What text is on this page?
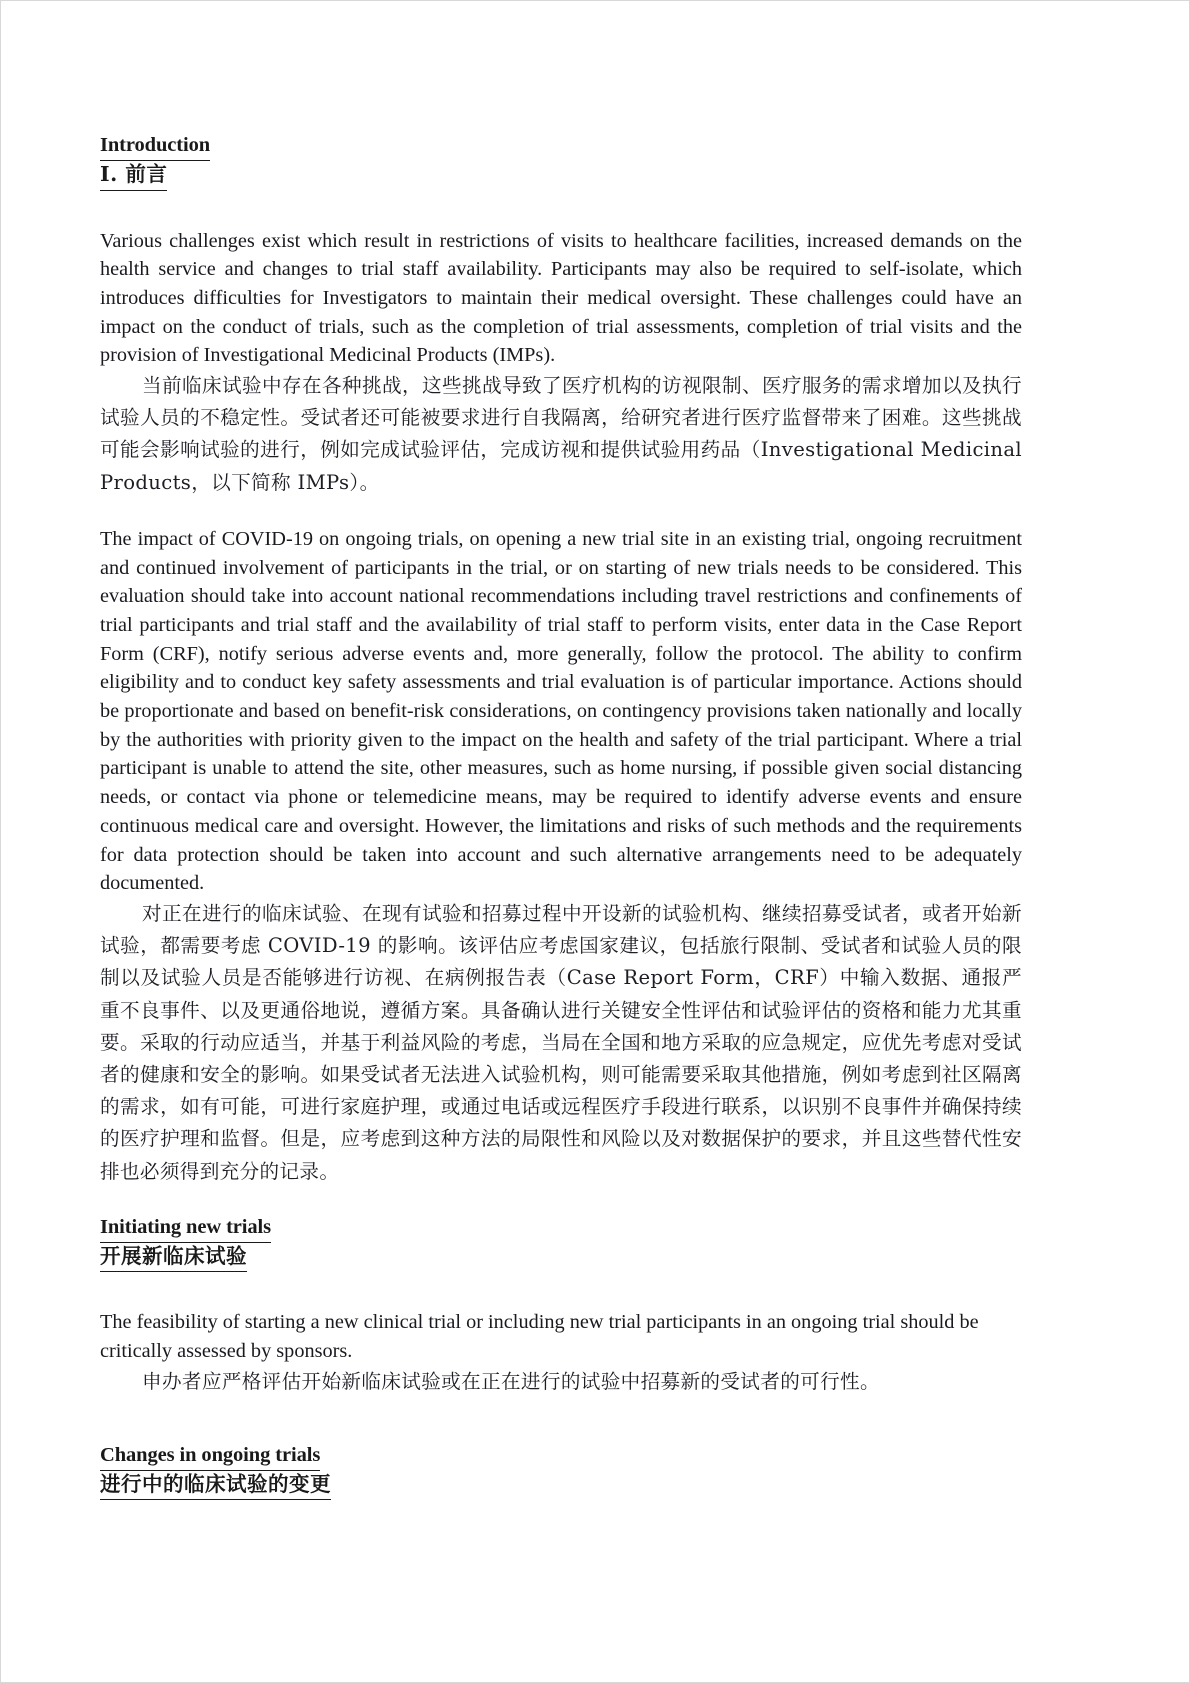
Introduction
I. 前言

Various challenges exist which result in restrictions of visits to healthcare facilities, increased demands on the health service and changes to trial staff availability. Participants may also be required to self-isolate, which introduces difficulties for Investigators to maintain their medical oversight. These challenges could have an impact on the conduct of trials, such as the completion of trial assessments, completion of trial visits and the provision of Investigational Medicinal Products (IMPs).

当前临床试验中存在各种挑战，这些挑战导致了医疗机构的访视限制、医疗服务的需求增加以及执行试验人员的不稳定性。受试者还可能被要求进行自我隔离，给研究者进行医疗监督带来了困难。这些挑战可能会影响试验的进行，例如完成试验评估，完成访视和提供试验用药品（Investigational Medicinal Products，以下简称 IMPs）。

The impact of COVID-19 on ongoing trials, on opening a new trial site in an existing trial, ongoing recruitment and continued involvement of participants in the trial, or on starting of new trials needs to be considered. This evaluation should take into account national recommendations including travel restrictions and confinements of trial participants and trial staff and the availability of trial staff to perform visits, enter data in the Case Report Form (CRF), notify serious adverse events and, more generally, follow the protocol. The ability to confirm eligibility and to conduct key safety assessments and trial evaluation is of particular importance. Actions should be proportionate and based on benefit-risk considerations, on contingency provisions taken nationally and locally by the authorities with priority given to the impact on the health and safety of the trial participant. Where a trial participant is unable to attend the site, other measures, such as home nursing, if possible given social distancing needs, or contact via phone or telemedicine means, may be required to identify adverse events and ensure continuous medical care and oversight. However, the limitations and risks of such methods and the requirements for data protection should be taken into account and such alternative arrangements need to be adequately documented.

对正在进行的临床试验、在现有试验和招募过程中开设新的试验机构、继续招募受试者，或者开始新试验，都需要考虑 COVID-19 的影响。该评估应考虑国家建议，包括旅行限制、受试者和试验人员的限制以及试验人员是否能够进行访视、在病例报告表（Case Report Form，CRF）中输入数据、通报严重不良事件、以及更通俗地说，遵循方案。具备确认进行关键安全性评估和试验评估的资格和能力尤其重要。采取的行动应适当，并基于利益风险的考虑，当局在全国和地方采取的应急规定，应优先考虑对受试者的健康和安全的影响。如果受试者无法进入试验机构，则可能需要采取其他措施，例如考虑到社区隔离的需求，如有可能，可进行家庭护理，或通过电话或远程医疗手段进行联系，以识别不良事件并确保持续的医疗护理和监督。但是，应考虑到这种方法的局限性和风险以及对数据保护的要求，并且这些替代性安排也必须得到充分的记录。

Initiating new trials
开展新临床试验

The feasibility of starting a new clinical trial or including new trial participants in an ongoing trial should be critically assessed by sponsors.

申办者应严格评估开始新临床试验或在正在进行的试验中招募新的受试者的可行性。

Changes in ongoing trials
进行中的临床试验的变更
